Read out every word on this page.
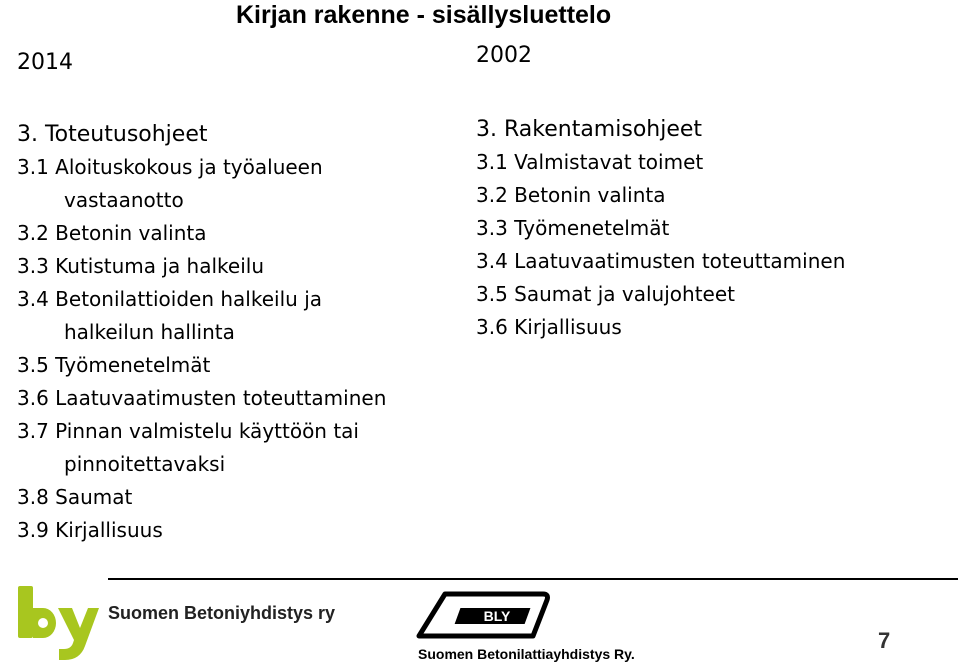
Kirjan rakenne - sisällysluettelo
2014	2002
3. Toteutusohjeet
3.1 Aloituskokous ja työalueen
vastaanotto
3.2 Betonin valinta
3.3 Kutistuma ja halkeilu
3.4 Betonilattioiden halkeilu ja
halkeilun hallinta
3.5 Työmenetelmät
3.6 Laatuvaatimusten toteuttaminen
3.7 Pinnan valmistelu käyttöön tai
pinnoitettavaksi
3.8 Saumat
3.9 Kirjallisuus
3. Rakentamisohjeet
3.1 Valmistavat toimet
3.2 Betonin valinta
3.3 Työmenetelmät
3.4 Laatuvaatimusten toteuttaminen
3.5 Saumat ja valujohteet
3.6 Kirjallisuus
by
Suomen Betoniyhdistys ry	BLY
Suomen Betonilattiayhdistys Ry.
7
